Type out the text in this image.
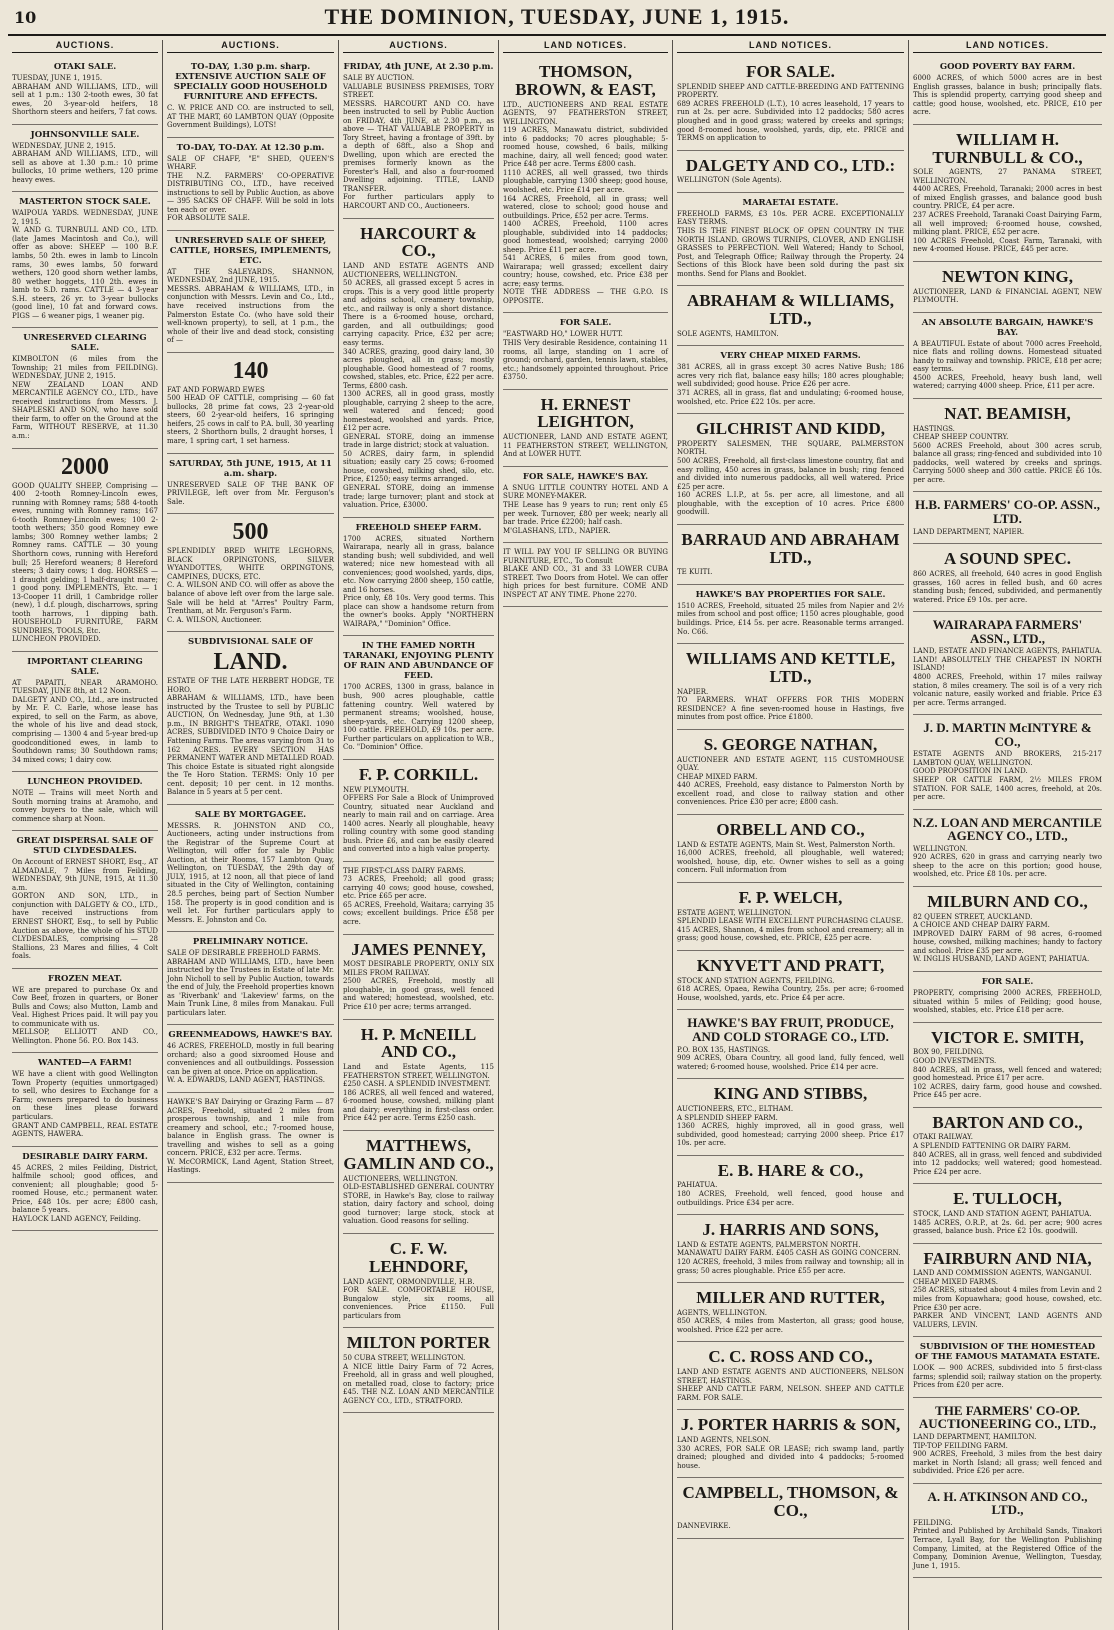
10	THE DOMINION, TUESDAY, JUNE 1, 1915.
AUCTIONS.
OTAKI SALE.
TUESDAY, JUNE 1, 1915.
ABRAHAM AND WILLIAMS, LTD., will sell at 1 p.m.: 130 2-tooth ewes, 30 fat ewes, 20 3-year-old heifers, 18 Shorthorn steers and heifers, 7 fat cows.
JOHNSONVILLE SALE.
WEDNESDAY, JUNE 2, 1915.
ABRAHAM AND WILLIAMS, LTD., will sell as above at 1.30 p.m.: 10 prime bullocks, 10 prime wethers, 120 prime heavy ewes.
MASTERTON STOCK SALE.
WAIPOUA YARDS. WEDNESDAY, JUNE 2, 1915.
W. AND G. TURNBULL AND CO., LTD. (late James Macintosh and Co.), will offer as above: SHEEP — 100 B.F. lambs, 50 2th. ewes in lamb to Lincoln rams, 30 ewes lambs, 50 forward wethers, 120 good shorn wether lambs, 80 wether hoggets, 110 2th. ewes in lamb to S.D. rams. CATTLE — 4 3-year S.H. steers, 26 yr. to 3-year bullocks (good line), 10 fat and forward cows. PIGS — 6 weaner pigs, 1 weaner pig.
UNRESERVED CLEARING SALE.
KIMBOLTON (6 miles from the Township; 21 miles from FEILDING). WEDNESDAY, JUNE 2, 1915.
NEW ZEALAND LOAN AND MERCANTILE AGENCY CO., LTD., have received instructions from Messrs. J. SHAPLESKI AND SON, who have sold their farm, to offer on the Ground at the Farm, WITHOUT RESERVE, at 11.30 a.m.:
2000
GOOD QUALITY SHEEP, Comprising — 400 2-tooth Romney-Lincoln ewes, running with Romney rams; 588 4-tooth ewes, running with Romney rams; 167 6-tooth Romney-Lincoln ewes; 100 2-tooth wethers; 350 good Romney ewe lambs; 300 Romney wether lambs; 2 Romney rams. CATTLE — 30 young Shorthorn cows, running with Hereford bull; 25 Hereford weaners; 8 Hereford steers; 3 dairy cows; 1 dog. HORSES — 1 draught gelding; 1 half-draught mare; 1 good pony. IMPLEMENTS, Etc. — 1 13-Cooper 11 drill, 1 Cambridge roller (new), 1 d.f. plough, discharrows, spring tooth harrows, 1 dipping bath. HOUSEHOLD FURNITURE, FARM SUNDRIES, TOOLS, Etc.
LUNCHEON PROVIDED.
IMPORTANT CLEARING SALE.
AT PAPAITI, NEAR ARAMOHO. TUESDAY, JUNE 8th, at 12 Noon.
DALGETY AND CO., Ltd., are instructed by Mr. F. C. Earle, whose lease has expired, to sell on the Farm, as above, the whole of his live and dead stock, comprising — 1300 4 and 5-year bred-up goodconditioned ewes, in lamb to Southdown rams; 30 Southdown rams; 34 mixed cows; 1 dairy cow.
LUNCHEON PROVIDED.
NOTE — Trains will meet North and South morning trains at Aramoho, and convey buyers to the sale, which will commence sharp at Noon.
GREAT DISPERSAL SALE OF STUD CLYDESDALES.
On Account of ERNEST SHORT, Esq., AT ALMADALE, 7 Miles from Feilding, WEDNESDAY, 9th JUNE, 1915, At 11.30 a.m.
GORTON AND SON, LTD., in conjunction with DALGETY & CO., LTD., have received instructions from ERNEST SHORT, Esq., to sell by Public Auction as above, the whole of his STUD CLYDESDALES, comprising — 28 Stallions, 23 Mares and fillies, 4 Colt foals.
FROZEN MEAT.
WE are prepared to purchase Ox and Cow Beef, frozen in quarters, or Boner Bulls and Cows; also Mutton, Lamb and Veal. Highest Prices paid. It will pay you to communicate with us.
MELLSOP, ELLIOTT AND CO., Wellington. Phone 56. P.O. Box 143.
WANTED—A FARM!
WE have a client with good Wellington Town Property (equities unmortgaged) to sell, who desires to Exchange for a Farm; owners prepared to do business on these lines please forward particulars.
GRANT AND CAMPBELL, REAL ESTATE AGENTS, HAWERA.
DESIRABLE DAIRY FARM.
45 ACRES, 2 miles Feilding, District, halfmile school; good offices, and convenient; all ploughable; good 5-roomed House, etc.; permanent water. Price, £48 10s. per acre; £800 cash, balance 5 years.
HAYLOCK LAND AGENCY, Feilding.
AUCTIONS.
TO-DAY, 1.30 p.m. sharp. EXTENSIVE AUCTION SALE OF SPECIALLY GOOD HOUSEHOLD FURNITURE AND EFFECTS.
C. W. PRICE AND CO. are instructed to sell, AT THE MART, 60 LAMBTON QUAY (Opposite Government Buildings), LOTS!
TO-DAY, TO-DAY. At 12.30 p.m.
SALE OF CHAFF, "E" SHED, QUEEN'S WHARF.
THE N.Z. FARMERS' CO-OPERATIVE DISTRIBUTING CO., LTD., have received instructions to sell by Public Auction, as above — 395 SACKS OF CHAFF. Will be sold in lots ten each or over.
FOR ABSOLUTE SALE.
UNRESERVED SALE OF SHEEP, CATTLE, HORSES, IMPLEMENTS, ETC.
AT THE SALEYARDS, SHANNON, WEDNESDAY, 2nd JUNE, 1915.
MESSRS. ABRAHAM & WILLIAMS, LTD., in conjunction with Messrs. Levin and Co., Ltd., have received instructions from the Palmerston Estate Co. (who have sold their well-known property), to sell, at 1 p.m., the whole of their live and dead stock, consisting of —
140
FAT AND FORWARD EWES
500 HEAD OF CATTLE, comprising — 60 fat bullocks, 28 prime fat cows, 23 2-year-old steers, 60 2-year-old heifers, 16 springing heifers, 25 cows in calf to P.A. bull, 30 yearling steers, 2 Shorthorn bulls, 2 draught horses, 1 mare, 1 spring cart, 1 set harness.
SATURDAY, 5th JUNE, 1915, At 11 a.m. sharp.
UNRESERVED SALE OF THE BANK OF PRIVILEGE, left over from Mr. Ferguson's Sale.
500
SPLENDIDLY BRED WHITE LEGHORNS, BLACK ORPINGTONS, SILVER WYANDOTTES, WHITE ORPINGTONS, CAMPINES, DUCKS, ETC.
C. A. WILSON AND CO. will offer as above the balance of above left over from the large sale. Sale will be held at "Arres" Poultry Farm, Trentham, at Mr. Ferguson's Farm.
C. A. WILSON, Auctioneer.
SUBDIVISIONAL SALE OF
LAND.
ESTATE OF THE LATE HERBERT HODGE, TE HORO.
ABRAHAM & WILLIAMS, LTD., have been instructed by the Trustee to sell by PUBLIC AUCTION, On Wednesday, June 9th, at 1.30 p.m., IN BRIGHT'S THEATRE, OTAKI. 1090 ACRES, SUBDIVIDED INTO 9 Choice Dairy or Fattening Farms. The areas varying from 31 to 162 ACRES. EVERY SECTION HAS PERMANENT WATER AND METALLED ROAD. This choice Estate is situated right alongside the Te Horo Station. TERMS: Only 10 per cent. deposit; 10 per cent. in 12 months. Balance in 5 years at 5 per cent.
SALE BY MORTGAGEE.
MESSRS. R. JOHNSTON AND CO., Auctioneers, acting under instructions from the Registrar of the Supreme Court at Wellington, will offer for sale by Public Auction, at their Rooms, 157 Lambton Quay, Wellington, on TUESDAY, the 29th day of JULY, 1915, at 12 noon, all that piece of land situated in the City of Wellington, containing 28.5 perches, being part of Section Number 158. The property is in good condition and is well let. For further particulars apply to Messrs. E. Johnston and Co.
PRELIMINARY NOTICE.
SALE OF DESIRABLE FREEHOLD FARMS.
ABRAHAM AND WILLIAMS, LTD., have been instructed by the Trustees in Estate of late Mr. John Nicholl to sell by Public Auction, towards the end of July, the Freehold properties known as 'Riverbank' and 'Lakeview' farms, on the Main Trunk Line, 8 miles from Manakau. Full particulars later.
GREENMEADOWS, HAWKE'S BAY.
46 ACRES, FREEHOLD, mostly in full bearing orchard; also a good sixroomed House and conveniences and all outbuildings. Possession can be given at once. Price on application.
W. A. EDWARDS, LAND AGENT, HASTINGS.
HAWKE'S BAY Dairying or Grazing Farm — 87 ACRES, Freehold, situated 2 miles from prosperous township, and 1 mile from creamery and school, etc.; 7-roomed house, balance in English grass. The owner is travelling and wishes to sell as a going concern. PRICE, £32 per acre. Terms.
W. McCORMICK, Land Agent, Station Street, Hastings.
AUCTIONS.
FRIDAY, 4th JUNE, At 2.30 p.m.
SALE BY AUCTION.
VALUABLE BUSINESS PREMISES, TORY STREET.
MESSRS. HARCOURT AND CO. have been instructed to sell by Public Auction on FRIDAY, 4th JUNE, at 2.30 p.m., as above — THAT VALUABLE PROPERTY in Tory Street, having a frontage of 39ft. by a depth of 68ft., also a Shop and Dwelling, upon which are erected the premises formerly known as the Forester's Hall, and also a four-roomed Dwelling adjoining. TITLE, LAND TRANSFER.
For further particulars apply to HARCOURT AND CO., Auctioneers.
HARCOURT & CO.,
LAND AND ESTATE AGENTS AND AUCTIONEERS, WELLINGTON.
50 ACRES, all grassed except 5 acres in crops. This is a very good little property and adjoins school, creamery township, etc., and railway is only a short distance. There is a 6-roomed house, orchard, garden, and all outbuildings; good carrying capacity. Price, £32 per acre; easy terms.
340 ACRES, grazing, good dairy land, 30 acres ploughed, all in grass; mostly ploughable. Good homestead of 7 rooms, cowshed, stables, etc. Price, £22 per acre. Terms, £800 cash.
1300 ACRES, all in good grass, mostly ploughable, carrying 2 sheep to the acre, well watered and fenced; good homestead, woolshed and yards. Price, £12 per acre.
GENERAL STORE, doing an immense trade in large district; stock at valuation.
50 ACRES, dairy farm, in splendid situation; easily cary 25 cows; 6-roomed house, cowshed, milking shed, silo, etc. Price, £1250; easy terms arranged.
GENERAL STORE, doing an immense trade; large turnover; plant and stock at valuation. Price, £3000.
FREEHOLD SHEEP FARM.
1700 ACRES, situated Northern Wairarapa, nearly all in grass, balance standing bush; well subdivided, and well watered; nice new homestead with all conveniences; good woolshed, yards, dips, etc. Now carrying 2800 sheep, 150 cattle, and 16 horses.
Price only, £8 10s. Very good terms. This place can show a handsome return from the owner's books. Apply "NORTHERN WAIRAPA," "Dominion" Office.
IN THE FAMED NORTH TARANAKI, ENJOYING PLENTY OF RAIN AND ABUNDANCE OF FEED.
1700 ACRES, 1300 in grass, balance in bush, 900 acres ploughable, cattle fattening country. Well watered by permanent streams; woolshed, house, sheep-yards, etc. Carrying 1200 sheep, 100 cattle. FREEHOLD, £9 10s. per acre. Further particulars on application to W.B., Co. "Dominion" Office.
F. P. CORKILL.
NEW PLYMOUTH.
OFFERS For Sale a Block of Unimproved Country, situated near Auckland and nearly to main rail and on carriage. Area 1400 acres. Nearly all ploughable, heavy rolling country with some good standing bush. Price £6, and can be easily cleared and converted into a high value property.
THE FIRST-CLASS DAIRY FARMS.
73 ACRES, Freehold; all good grass; carrying 40 cows; good house, cowshed, etc. Price £65 per acre.
65 ACRES, Freehold, Waitara; carrying 35 cows; excellent buildings. Price £58 per acre.
JAMES PENNEY,
MOST DESIRABLE PROPERTY, ONLY SIX MILES FROM RAILWAY.
2500 ACRES, Freehold, mostly all ploughable, in good grass, well fenced and watered; homestead, woolshed, etc. Price £10 per acre; terms arranged.
H. P. McNEILL AND CO.,
Land and Estate Agents, 115 FEATHERSTON STREET, WELLINGTON.
£250 CASH. A SPLENDID INVESTMENT.
186 ACRES, all well fenced and watered, 6-roomed house, cowshed, milking plant and dairy; everything in first-class order. Price £42 per acre. Terms £250 cash.
MATTHEWS, GAMLIN AND CO.,
AUCTIONEERS, WELLINGTON.
OLD-ESTABLISHED GENERAL COUNTRY STORE, in Hawke's Bay, close to railway station, dairy factory and school, doing good turnover; large stock, stock at valuation. Good reasons for selling.
C. F. W. LEHNDORF,
LAND AGENT, ORMONDVILLE, H.B.
FOR SALE. COMFORTABLE HOUSE, Bungalow style, six rooms, all conveniences. Price £1150. Full particulars from
MILTON PORTER
50 CUBA STREET, WELLINGTON.
A NICE little Dairy Farm of 72 Acres, Freehold, all in grass and well ploughed, on metalled road, close to factory; price £45. THE N.Z. LOAN AND MERCANTILE AGENCY CO., LTD., STRATFORD.
LAND NOTICES.
THOMSON, BROWN, & EAST,
LTD., AUCTIONEERS AND REAL ESTATE AGENTS, 97 FEATHERSTON STREET, WELLINGTON.
119 ACRES, Manawatu district, subdivided into 6 paddocks; 70 acres ploughable; 5-roomed house, cowshed, 6 bails, milking machine, dairy, all well fenced; good water. Price £48 per acre. Terms £800 cash.
1110 ACRES, all well grassed, two thirds ploughable, carrying 1300 sheep; good house, woolshed, etc. Price £14 per acre.
164 ACRES, Freehold, all in grass; well watered, close to school; good house and outbuildings. Price, £52 per acre. Terms.
1400 ACRES, Freehold, 1100 acres ploughable, subdivided into 14 paddocks; good homestead, woolshed; carrying 2000 sheep. Price £11 per acre.
541 ACRES, 6 miles from good town, Wairarapa; well grassed; excellent dairy country; house, cowshed, etc. Price £38 per acre; easy terms.
NOTE THE ADDRESS — THE G.P.O. IS OPPOSITE.
FOR SALE.
"EASTWARD HO," LOWER HUTT.
THIS Very desirable Residence, containing 11 rooms, all large, standing on 1 acre of ground; orchard, garden, tennis lawn, stables, etc.; handsomely appointed throughout. Price £3750.
H. ERNEST LEIGHTON,
AUCTIONEER, LAND AND ESTATE AGENT, 11 FEATHERSTON STREET, WELLINGTON, And at LOWER HUTT.
FOR SALE, HAWKE'S BAY.
A SNUG LITTLE COUNTRY HOTEL AND A SURE MONEY-MAKER.
THE Lease has 9 years to run; rent only £5 per week. Turnover, £80 per week; nearly all bar trade. Price £2200; half cash.
M'GLASHANS, LTD., NAPIER.
IT WILL PAY YOU IF SELLING OR BUYING FURNITURE, ETC., To Consult
BLAKE AND CO., 31 and 33 LOWER CUBA STREET. Two Doors from Hotel. We can offer high prices for best furniture. COME AND INSPECT AT ANY TIME. Phone 2270.
LAND NOTICES.
FOR SALE.
SPLENDID SHEEP AND CATTLE-BREEDING AND FATTENING PROPERTY.
689 ACRES FREEHOLD (L.T.), 10 acres leasehold, 17 years to run at 2s. per acre. Subdivided into 12 paddocks; 580 acres ploughed and in good grass; watered by creeks and springs; good 8-roomed house, woolshed, yards, dip, etc. PRICE and TERMS on application to
DALGETY AND CO., LTD.:
WELLINGTON (Sole Agents).
MARAETAI ESTATE.
FREEHOLD FARMS, £3 10s. PER ACRE. EXCEPTIONALLY EASY TERMS.
THIS IS THE FINEST BLOCK OF OPEN COUNTRY IN THE NORTH ISLAND. GROWS TURNIPS, CLOVER, AND ENGLISH GRASSES to PERFECTION. Well Watered; Handy to School, Post, and Telegraph Office; Railway through the Property. 24 Sections of this Block have been sold during the past six months. Send for Plans and Booklet.
ABRAHAM & WILLIAMS, LTD.,
SOLE AGENTS, HAMILTON.
VERY CHEAP MIXED FARMS.
381 ACRES, all in grass except 30 acres Native Bush; 186 acres very rich flat, balance easy hills; 180 acres ploughable; well subdivided; good house. Price £26 per acre.
371 ACRES, all in grass, flat and undulating; 6-roomed house, woolshed, etc. Price £22 10s. per acre.
GILCHRIST AND KIDD,
PROPERTY SALESMEN, THE SQUARE, PALMERSTON NORTH.
500 ACRES, Freehold, all first-class limestone country, flat and easy rolling, 450 acres in grass, balance in bush; ring fenced and divided into numerous paddocks, all well watered. Price £25 per acre.
160 ACRES L.I.P., at 5s. per acre, all limestone, and all ploughable, with the exception of 10 acres. Price £800 goodwill.
BARRAUD AND ABRAHAM LTD.,
TE KUITI.
HAWKE'S BAY PROPERTIES FOR SALE.
1510 ACRES, Freehold, situated 25 miles from Napier and 2½ miles from school and post office; 1150 acres ploughable, good buildings. Price, £14 5s. per acre. Reasonable terms arranged. No. C66.
WILLIAMS AND KETTLE, LTD.,
NAPIER.
TO FARMERS. WHAT OFFERS FOR THIS MODERN RESIDENCE? A fine seven-roomed house in Hastings, five minutes from post office. Price £1800.
S. GEORGE NATHAN,
AUCTIONEER AND ESTATE AGENT, 115 CUSTOMHOUSE QUAY.
CHEAP MIXED FARM.
440 ACRES, Freehold, easy distance to Palmerston North by excellent road, and close to railway station and other conveniences. Price £30 per acre; £800 cash.
ORBELL AND CO.,
LAND & ESTATE AGENTS, Main St. West, Palmerston North.
16,000 ACRES, freehold, all ploughable, well watered; woolshed, house, dip, etc. Owner wishes to sell as a going concern. Full information from
F. P. WELCH,
ESTATE AGENT, WELLINGTON.
SPLENDID LEASE WITH EXCELLENT PURCHASING CLAUSE.
415 ACRES, Shannon, 4 miles from school and creamery; all in grass; good house, cowshed, etc. PRICE, £25 per acre.
KNYVETT AND PRATT,
STOCK AND STATION AGENTS, FEILDING.
618 ACRES, Opaea, Rewiha Country, 25s. per acre; 6-roomed House, woolshed, yards, etc. Price £4 per acre.
HAWKE'S BAY FRUIT, PRODUCE, AND COLD STORAGE CO., LTD.
P.O. BOX 135, HASTINGS.
909 ACRES, Obara Country, all good land, fully fenced, well watered; 6-roomed house, woolshed. Price £14 per acre.
KING AND STIBBS,
AUCTIONEERS, ETC., ELTHAM.
A SPLENDID SHEEP FARM.
1360 ACRES, highly improved, all in good grass, well subdivided, good homestead; carrying 2000 sheep. Price £17 10s. per acre.
E. B. HARE & CO.,
PAHIATUA.
180 ACRES, Freehold, well fenced, good house and outbuildings. Price £34 per acre.
J. HARRIS AND SONS,
LAND & ESTATE AGENTS, PALMERSTON NORTH.
MANAWATU DAIRY FARM. £405 CASH AS GOING CONCERN.
120 ACRES, freehold, 3 miles from railway and township; all in grass; 50 acres ploughable. Price £55 per acre.
MILLER AND RUTTER,
AGENTS, WELLINGTON.
850 ACRES, 4 miles from Masterton, all grass; good house, woolshed. Price £22 per acre.
C. C. ROSS AND CO.,
LAND AND ESTATE AGENTS AND AUCTIONEERS, NELSON STREET, HASTINGS.
SHEEP AND CATTLE FARM, NELSON. SHEEP AND CATTLE FARM. FOR SALE.
J. PORTER HARRIS & SON,
LAND AGENTS, NELSON.
330 ACRES, FOR SALE OR LEASE; rich swamp land, partly drained; ploughed and divided into 4 paddocks; 5-roomed house.
CAMPBELL, THOMSON, & CO.,
DANNEVIRKE.
LAND NOTICES.
GOOD POVERTY BAY FARM.
6000 ACRES, of which 5000 acres are in best English grasses, balance in bush; principally flats. This is splendid property, carrying good sheep and cattle; good house, woolshed, etc. PRICE, £10 per acre.
WILLIAM H. TURNBULL & CO.,
SOLE AGENTS, 27 PANAMA STREET, WELLINGTON.
4400 ACRES, Freehold, Taranaki; 2000 acres in best of mixed English grasses, and balance good bush country. PRICE, £4 per acre.
237 ACRES Freehold, Taranaki Coast Dairying Farm, all well improved; 6-roomed house, cowshed, milking plant. PRICE, £52 per acre.
100 ACRES Freehold, Coast Farm, Taranaki, with new 4-roomed House. PRICE, £45 per acre.
NEWTON KING,
AUCTIONEER, LAND & FINANCIAL AGENT, NEW PLYMOUTH.
AN ABSOLUTE BARGAIN, HAWKE'S BAY.
A BEAUTIFUL Estate of about 7000 acres Freehold, nice flats and rolling downs. Homestead situated handy to railway and township. PRICE, £18 per acre; easy terms.
4500 ACRES, Freehold, heavy bush land, well watered; carrying 4000 sheep. Price, £11 per acre.
NAT. BEAMISH,
HASTINGS.
CHEAP SHEEP COUNTRY.
5600 ACRES Freehold, about 300 acres scrub, balance all grass; ring-fenced and subdivided into 10 paddocks, well watered by creeks and springs. Carrying 5000 sheep and 300 cattle. PRICE £6 10s. per acre.
H.B. FARMERS' CO-OP. ASSN., LTD.
LAND DEPARTMENT, NAPIER.
A SOUND SPEC.
860 ACRES, all freehold, 640 acres in good English grasses, 160 acres in felled bush, and 60 acres standing bush; fenced, subdivided, and permanently watered. Price £9 10s. per acre.
WAIRARAPA FARMERS' ASSN., LTD.,
LAND, ESTATE AND FINANCE AGENTS, PAHIATUA.
LAND! ABSOLUTELY THE CHEAPEST IN NORTH ISLAND!
4800 ACRES, Freehold, within 17 miles railway station, 8 miles creamery. The soil is of a very rich volcanic nature, easily worked and friable. Price £3 per acre. Terms arranged.
J. D. MARTIN McINTYRE & CO.,
ESTATE AGENTS AND BROKERS, 215-217 LAMBTON QUAY, WELLINGTON.
GOOD PROPOSITION IN LAND.
SHEEP OR CATTLE FARM, 2½ MILES FROM STATION. FOR SALE, 1400 acres, freehold, at 20s. per acre.
N.Z. LOAN AND MERCANTILE AGENCY CO., LTD.,
WELLINGTON.
920 ACRES, 620 in grass and carrying nearly two sheep to the acre on this portion; good house, woolshed, etc. Price £8 10s. per acre.
MILBURN AND CO.,
82 QUEEN STREET, AUCKLAND.
A CHOICE AND CHEAP DAIRY FARM.
IMPROVED DAIRY FARM of 98 acres, 6-roomed house, cowshed, milking machines; handy to factory and school. Price £35 per acre.
W. INGLIS HUSBAND, LAND AGENT, PAHIATUA.
FOR SALE.
PROPERTY, comprising 2000 ACRES, FREEHOLD, situated within 5 miles of Feilding; good house, woolshed, stables, etc. Price £18 per acre.
VICTOR E. SMITH,
BOX 90, FEILDING.
GOOD INVESTMENTS.
840 ACRES, all in grass, well fenced and watered; good homestead. Price £17 per acre.
102 ACRES, dairy farm, good house and cowshed. Price £45 per acre.
BARTON AND CO.,
OTAKI RAILWAY.
A SPLENDID FATTENING OR DAIRY FARM.
840 ACRES, all in grass, well fenced and subdivided into 12 paddocks; well watered; good homestead. Price £24 per acre.
E. TULLOCH,
STOCK, LAND AND STATION AGENT, PAHIATUA.
1485 ACRES, O.R.P., at 2s. 6d. per acre; 900 acres grassed, balance bush. Price £2 10s. goodwill.
FAIRBURN AND NIA,
LAND AND COMMISSION AGENTS, WANGANUI.
CHEAP MIXED FARMS.
258 ACRES, situated about 4 miles from Levin and 2 miles from Kopuawhara; good house, cowshed, etc. Price £30 per acre.
PARKER AND VINCENT, LAND AGENTS AND VALUERS, LEVIN.
SUBDIVISION OF THE HOMESTEAD OF THE FAMOUS MATAMATA ESTATE.
LOOK — 900 ACRES, subdivided into 5 first-class farms; splendid soil; railway station on the property. Prices from £20 per acre.
THE FARMERS' CO-OP. AUCTIONEERING CO., LTD.,
LAND DEPARTMENT, HAMILTON.
TIP-TOP FEILDING FARM.
900 ACRES, Freehold, 3 miles from the best dairy market in North Island; all grass; well fenced and subdivided. Price £26 per acre.
A. H. ATKINSON AND CO., LTD.,
FEILDING.
Printed and Published by Archibald Sands, Tinakori Terrace, Lyall Bay, for the Wellington Publishing Company, Limited, at the Registered Office of the Company, Dominion Avenue, Wellington, Tuesday, June 1, 1915.
